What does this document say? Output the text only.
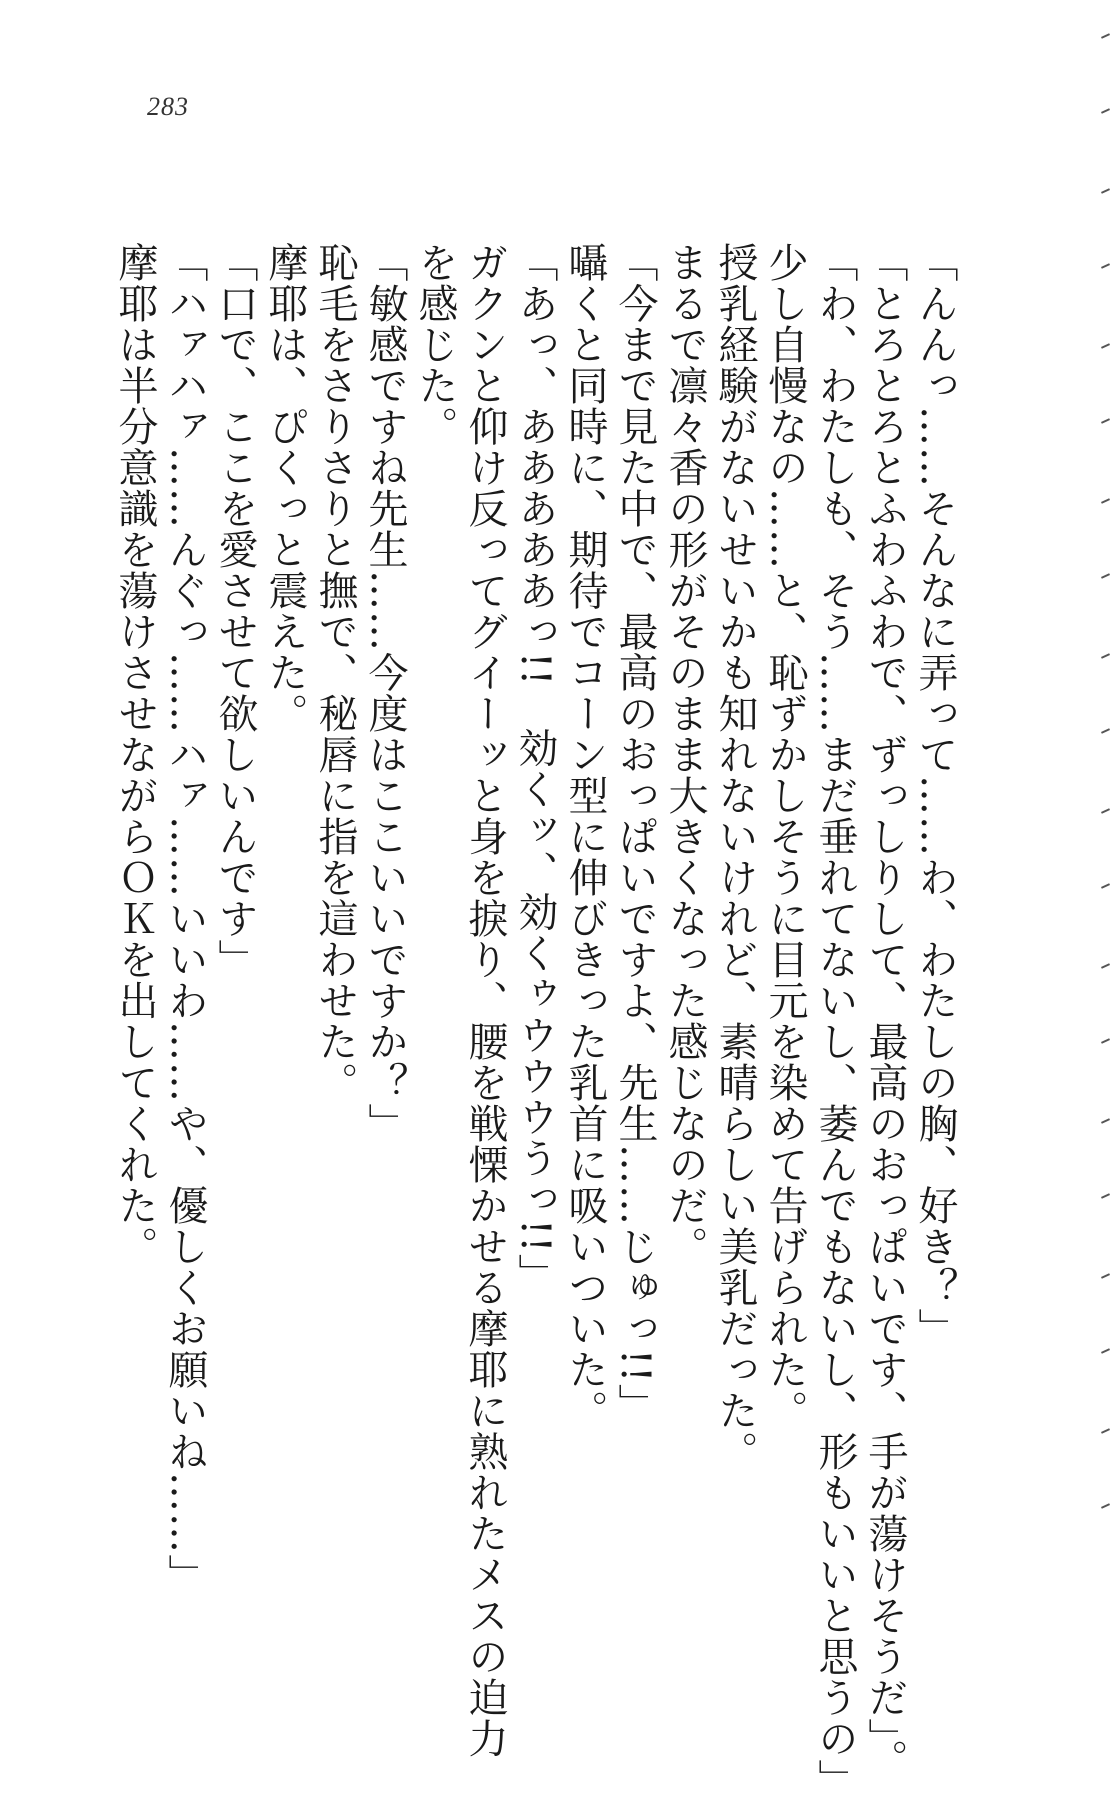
283

「んんっ……そんなに弄って……わ、わたしの胸、好き？」

「とろとろとふわふわで、ずっしりして、最高のおっぱいです、手が蕩けそうだ」。

「わ、わたしも、そう……まだ垂れてないし、萎んでもないし、形もいいと思うの」

少し自慢なの……と、恥ずかしそうに目元を染めて告げられた。

授乳経験がないせいかも知れないけれど、素晴らしい美乳だった。

まるで凛々香の形がそのまま大きくなった感じなのだ。

「今まで見た中で、最高のおっぱいですよ、先生……じゅっ!!」

囁くと同時に、期待でコーン型に伸びきった乳首に吸いついた。

「あっ、あああああっ!!　効くッ、効くゥウウウうっ!!」

ガクンと仰け反ってグイーッと身を捩り、腰を戦慄かせる摩耶に熟れたメスの迫力

を感じた。

「敏感ですね先生……今度はここいいですか？」

恥毛をさりさりと撫で、秘唇に指を這わせた。

摩耶は、ぴくっと震えた。

「口で、ここを愛させて欲しいんです」

「ハァハァ……んぐっ……ハァ……いいわ……や、優しくお願いね……」

摩耶は半分意識を蕩けさせながらＯＫを出してくれた。
